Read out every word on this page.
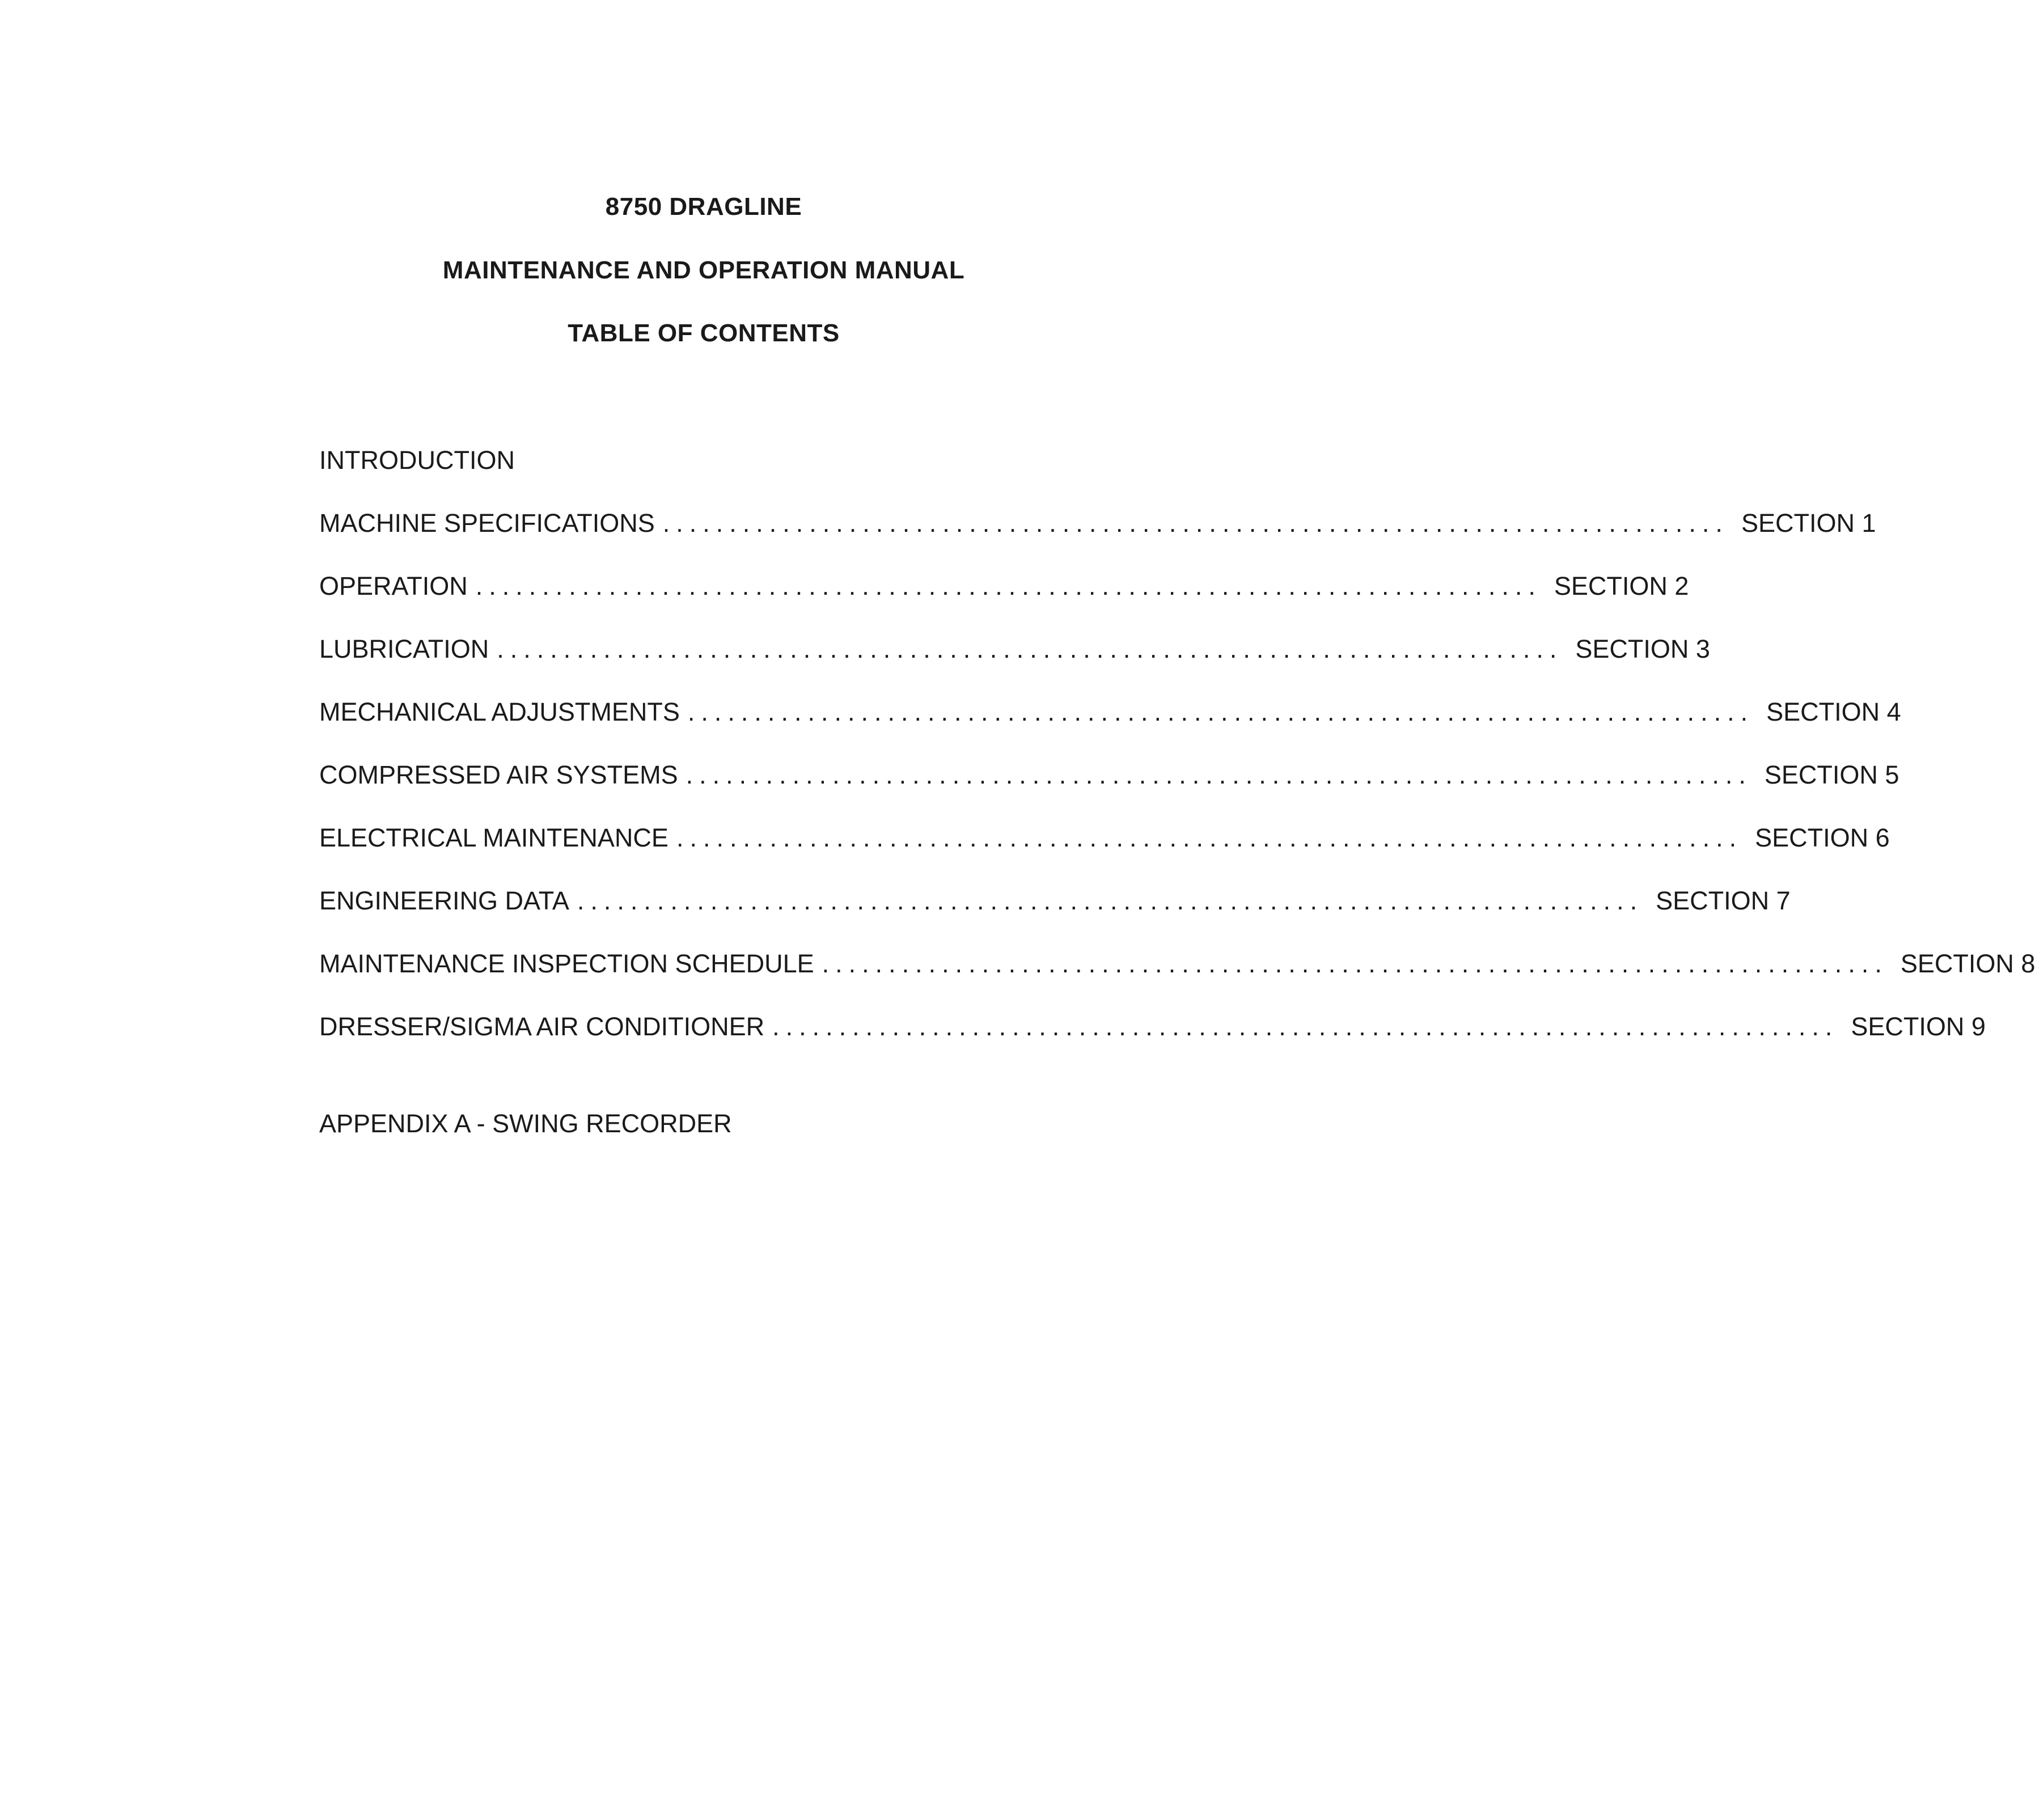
8750 DRAGLINE
MAINTENANCE AND OPERATION MANUAL
TABLE OF CONTENTS
INTRODUCTION
MACHINE SPECIFICATIONS ................................................................................ SECTION 1
OPERATION ................................................................................ SECTION 2
LUBRICATION ................................................................................ SECTION 3
MECHANICAL ADJUSTMENTS ................................................................................ SECTION 4
COMPRESSED AIR SYSTEMS ................................................................................ SECTION 5
ELECTRICAL MAINTENANCE ................................................................................ SECTION 6
ENGINEERING DATA ................................................................................ SECTION 7
MAINTENANCE INSPECTION SCHEDULE ................................................................................ SECTION 8
DRESSER/SIGMA AIR CONDITIONER ................................................................................ SECTION 9
APPENDIX A - SWING RECORDER
